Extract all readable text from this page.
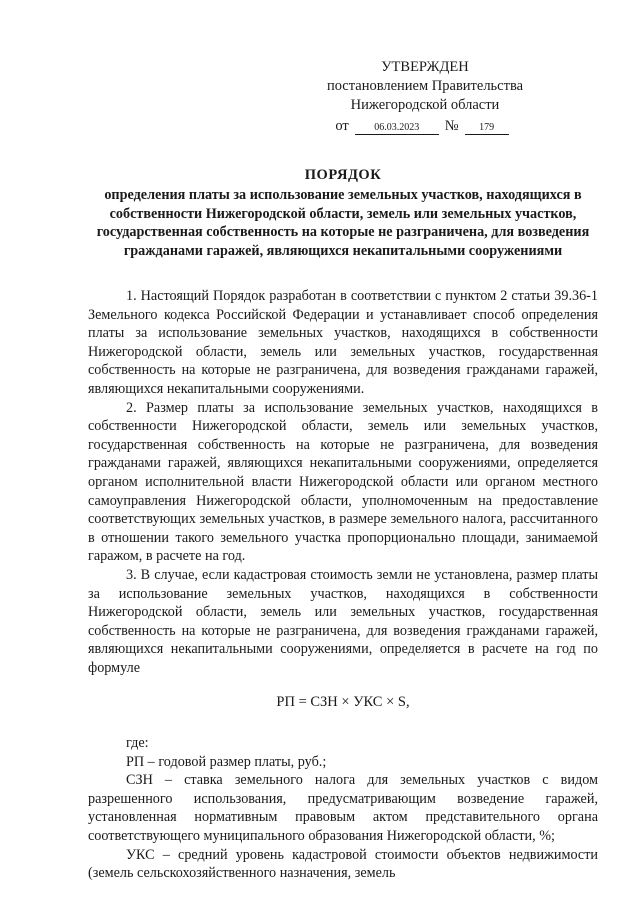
УТВЕРЖДЕН
постановлением Правительства
Нижегородской области
от	06.03.2023	№	179
ПОРЯДОК
определения платы за использование земельных участков, находящихся в собственности Нижегородской области, земель или земельных участков, государственная собственность на которые не разграничена, для возведения гражданами гаражей, являющихся некапитальными сооружениями

1. Настоящий Порядок разработан в соответствии с пунктом 2 статьи 39.36-1 Земельного кодекса Российской Федерации и устанавливает способ определения платы за использование земельных участков, находящихся в собственности Нижегородской области, земель или земельных участков, государственная собственность на которые не разграничена, для возведения гражданами гаражей, являющихся некапитальными сооружениями.

2. Размер платы за использование земельных участков, находящихся в собственности Нижегородской области, земель или земельных участков, государственная собственность на которые не разграничена, для возведения гражданами гаражей, являющихся некапитальными сооружениями, определяется органом исполнительной власти Нижегородской области или органом местного самоуправления Нижегородской области, уполномоченным на предоставление соответствующих земельных участков, в размере земельного налога, рассчитанного в отношении такого земельного участка пропорционально площади, занимаемой гаражом, в расчете на год.

3. В случае, если кадастровая стоимость земли не установлена, размер платы за использование земельных участков, находящихся в собственности Нижегородской области, земель или земельных участков, государственная собственность на которые не разграничена, для возведения гражданами гаражей, являющихся некапитальными сооружениями, определяется в расчете на год по формуле

РП = СЗН × УКС × S,

где:

РП – годовой размер платы, руб.;

СЗН – ставка земельного налога для земельных участков с видом разрешенного использования, предусматривающим возведение гаражей, установленная нормативным правовым актом представительного органа соответствующего муниципального образования Нижегородской области, %;

УКС – средний уровень кадастровой стоимости объектов недвижимости (земель сельскохозяйственного назначения, земель
